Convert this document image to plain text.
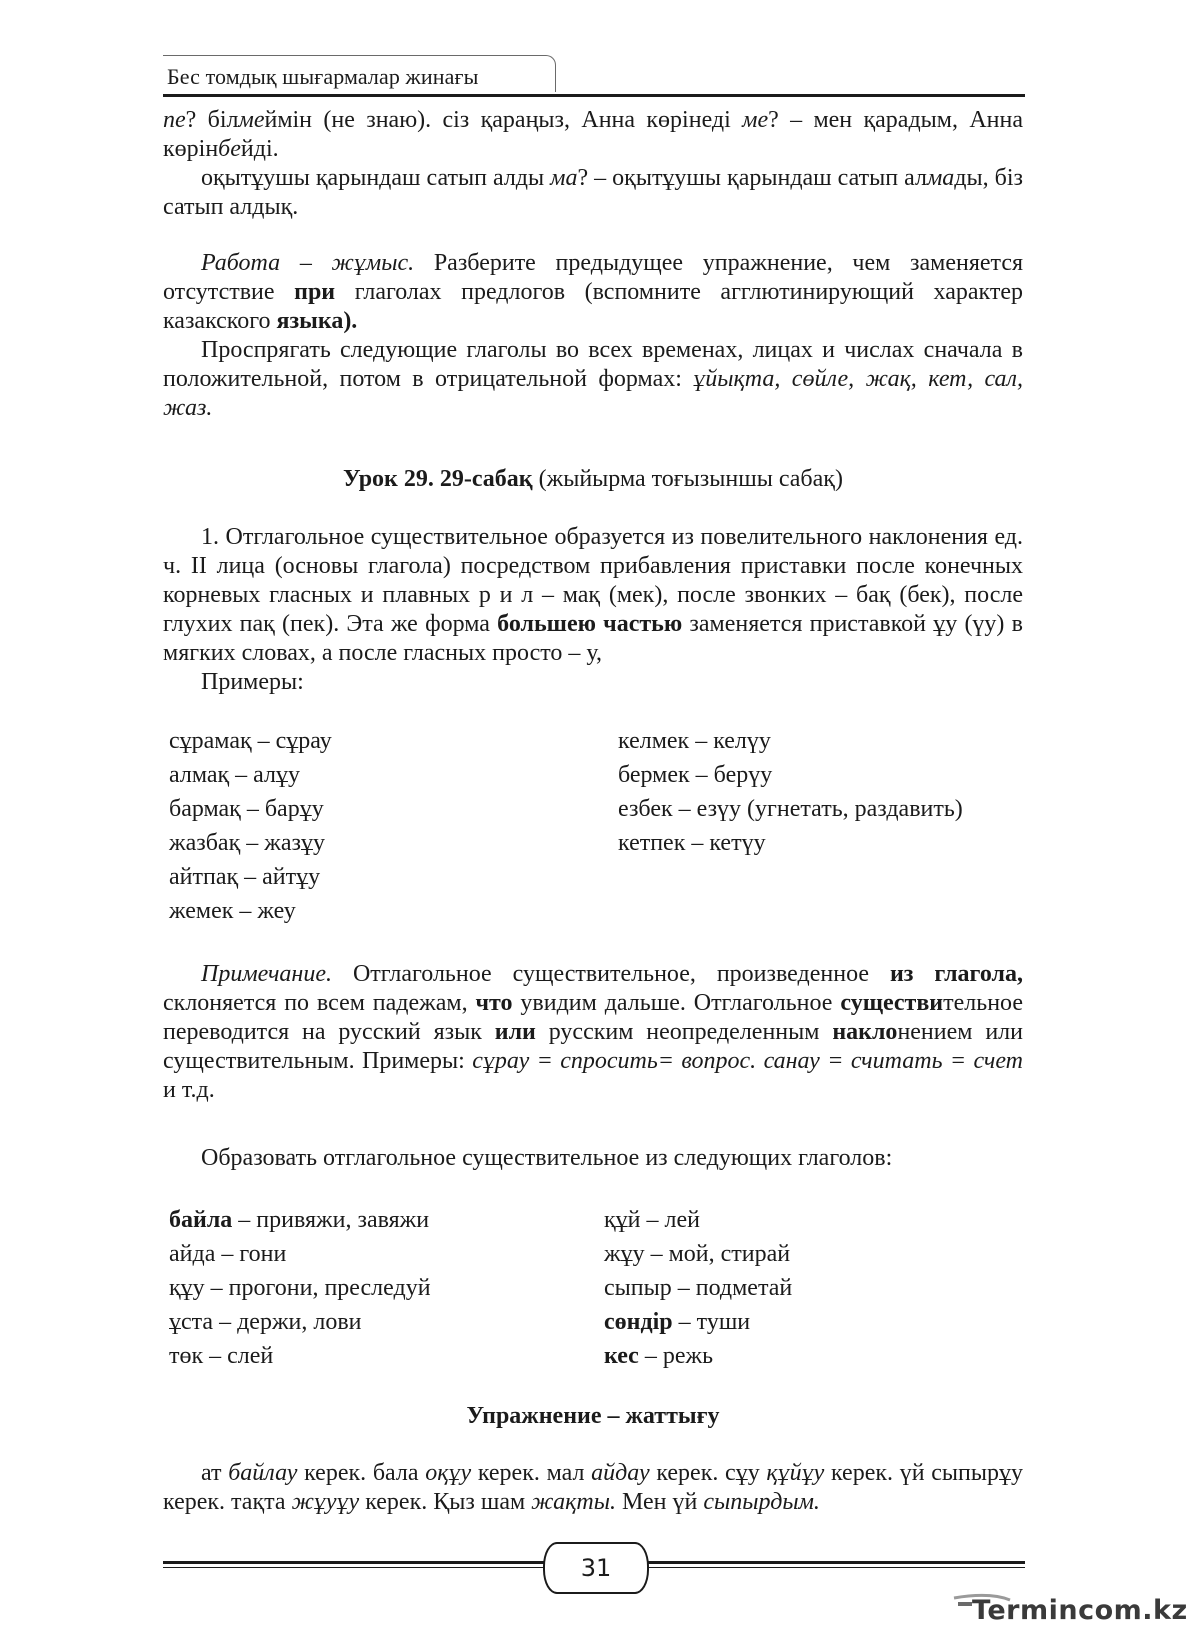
Бес томдық шығармалар жинағы

пе? білмеймін (не знаю). сіз қараңыз, Анна көрінеді ме? – мен қарадым, Анна көрінбейді.

оқытұушы қарындаш сатып алды ма? – оқытұушы қарындаш сатып алмады, біз сатып алдық.

Работа – жұмыс. Разберите предыдущее упражнение, чем заменяется отсутствие при глаголах предлогов (вспомните агглютинирующий характер казакского языка).

Проспрягать следующие глаголы во всех временах, лицах и числах сначала в положительной, потом в отрицательной формах: ұйықта, сөйле, жақ, кет, сал, жаз.

Урок 29. 29-сабақ (жыйырма тоғызыншы сабақ)

1. Отглагольное существительное образуется из повелительного наклонения ед. ч. II лица (основы глагола) посредством прибавления приставки после конечных корневых гласных и плавных р и л – мақ (мек), после звонких – бақ (бек), после глухих пақ (пек). Эта же форма большею частью заменяется приставкой ұу (үу) в мягких словах, а после гласных просто – у,

Примеры:

сұрамақ – сұрау
алмақ – алұу
бармақ – барұу
жазбақ – жазұу
айтпақ – айтұу
жемек – жеу
келмек – келүу
бермек – берүу
езбек – езүу (угнетать, раздавить)
кетпек – кетүу

Примечание. Отглагольное существительное, произведенное из глагола, склоняется по всем падежам, что увидим дальше. Отглагольное существительное переводится на русский язык или русским неопределенным наклонением или существительным. Примеры: сұрау = спросить= вопрос. санау = считать = счет и т.д.

Образовать отглагольное существительное из следующих глаголов:

байла – привяжи, завяжи
айда – гони
құу – прогони, преследуй
ұста – держи, лови
төк – слей
құй – лей
жұу – мой, стирай
сыпыр – подметай
сөндір – туши
кес – режь
Упражнение – жаттығу

ат байлау керек. бала оқұу керек. мал айдау керек. сұу құйұу керек. үй сыпырұу керек. тақта жұуұу керек. Қыз шам жақты. Мен үй сыпырдым.

31
Termincom.kz
